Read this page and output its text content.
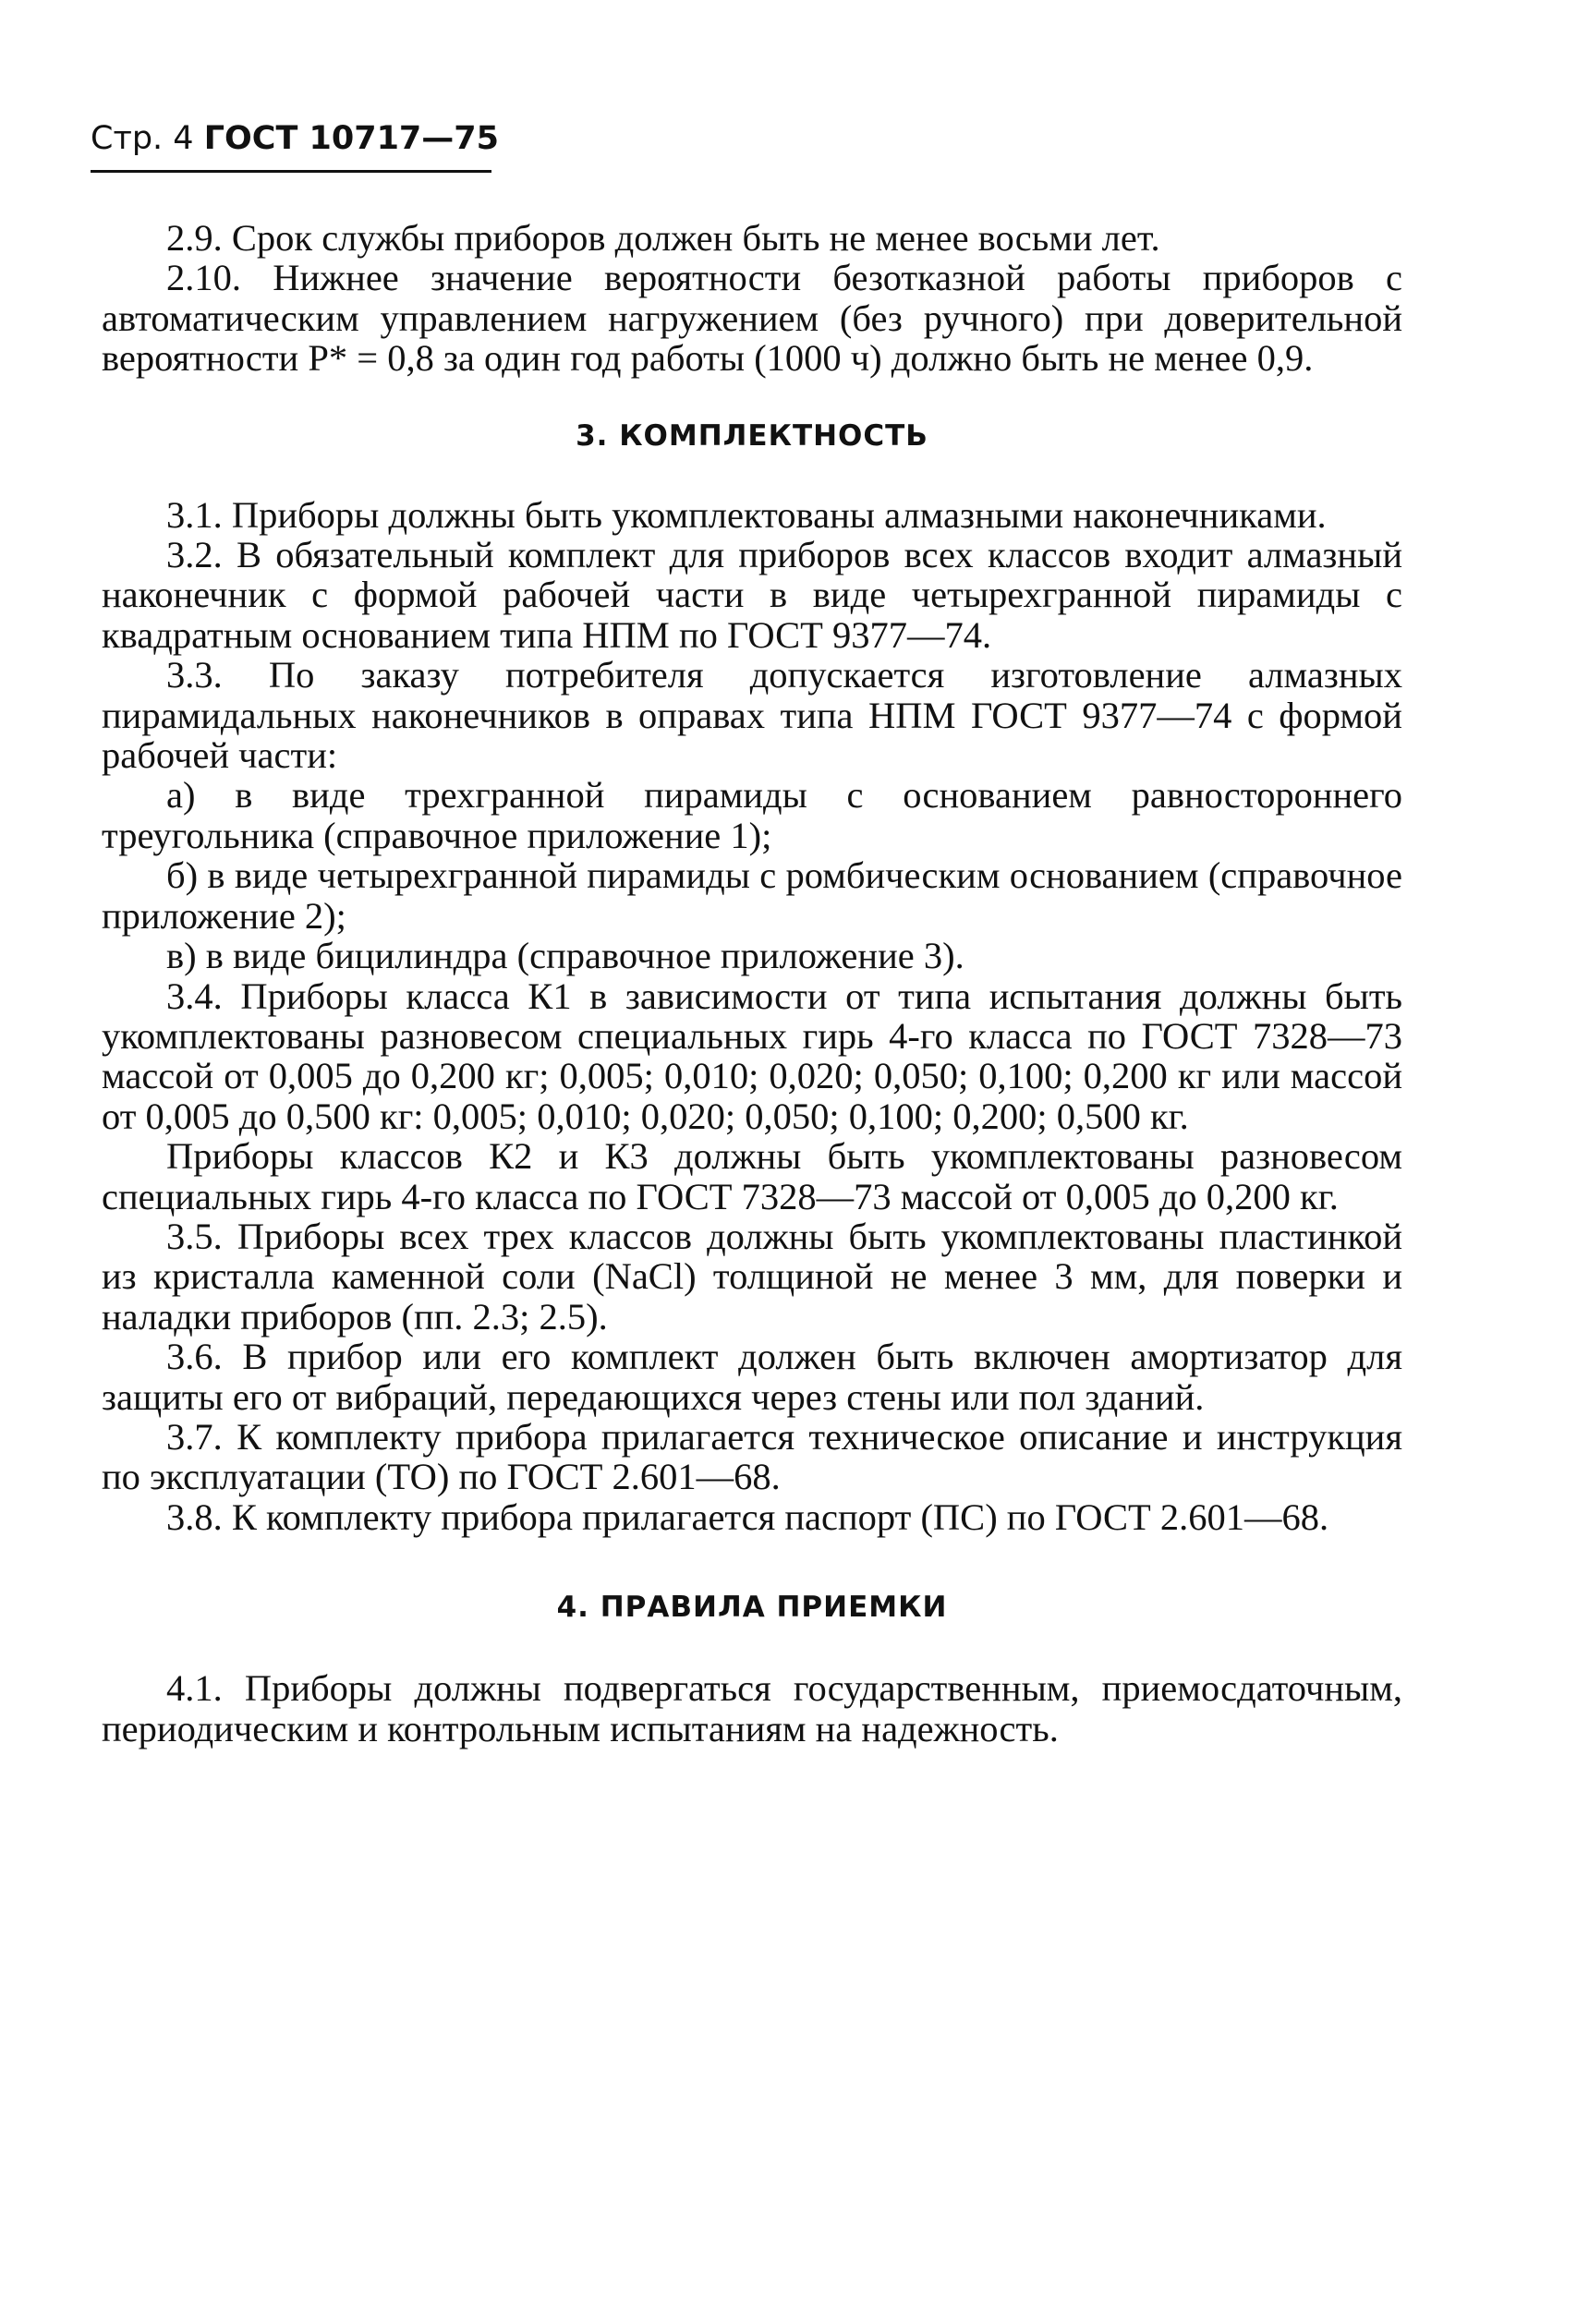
Стр. 4 ГОСТ 10717—75

2.9. Срок службы приборов должен быть не менее восьми лет.

2.10. Нижнее значение вероятности безотказной работы приборов с автоматическим управлением нагружением (без ручного) при доверительной вероятности P* = 0,8 за один год работы (1000 ч) должно быть не менее 0,9.

3. КОМПЛЕКТНОСТЬ

3.1. Приборы должны быть укомплектованы алмазными наконечниками.

3.2. В обязательный комплект для приборов всех классов входит алмазный наконечник с формой рабочей части в виде четырехгранной пирамиды с квадратным основанием типа НПМ по ГОСТ 9377—74.

3.3. По заказу потребителя допускается изготовление алмазных пирамидальных наконечников в оправах типа НПМ ГОСТ 9377—74 с формой рабочей части:

а) в виде трехгранной пирамиды с основанием равностороннего треугольника (справочное приложение 1);

б) в виде четырехгранной пирамиды с ромбическим основанием (справочное приложение 2);

в) в виде бицилиндра (справочное приложение 3).

3.4. Приборы класса К1 в зависимости от типа испытания должны быть укомплектованы разновесом специальных гирь 4-го класса по ГОСТ 7328—73 массой от 0,005 до 0,200 кг; 0,005; 0,010; 0,020; 0,050; 0,100; 0,200 кг или массой от 0,005 до 0,500 кг: 0,005; 0,010; 0,020; 0,050; 0,100; 0,200; 0,500 кг.

Приборы классов К2 и К3 должны быть укомплектованы разновесом специальных гирь 4-го класса по ГОСТ 7328—73 массой от 0,005 до 0,200 кг.

3.5. Приборы всех трех классов должны быть укомплектованы пластинкой из кристалла каменной соли (NaCl) толщиной не менее 3 мм, для поверки и наладки приборов (пп. 2.3; 2.5).

3.6. В прибор или его комплект должен быть включен амортизатор для защиты его от вибраций, передающихся через стены или пол зданий.

3.7. К комплекту прибора прилагается техническое описание и инструкция по эксплуатации (ТО) по ГОСТ 2.601—68.

3.8. К комплекту прибора прилагается паспорт (ПС) по ГОСТ 2.601—68.

4. ПРАВИЛА ПРИЕМКИ

4.1. Приборы должны подвергаться государственным, приемосдаточным, периодическим и контрольным испытаниям на надежность.
